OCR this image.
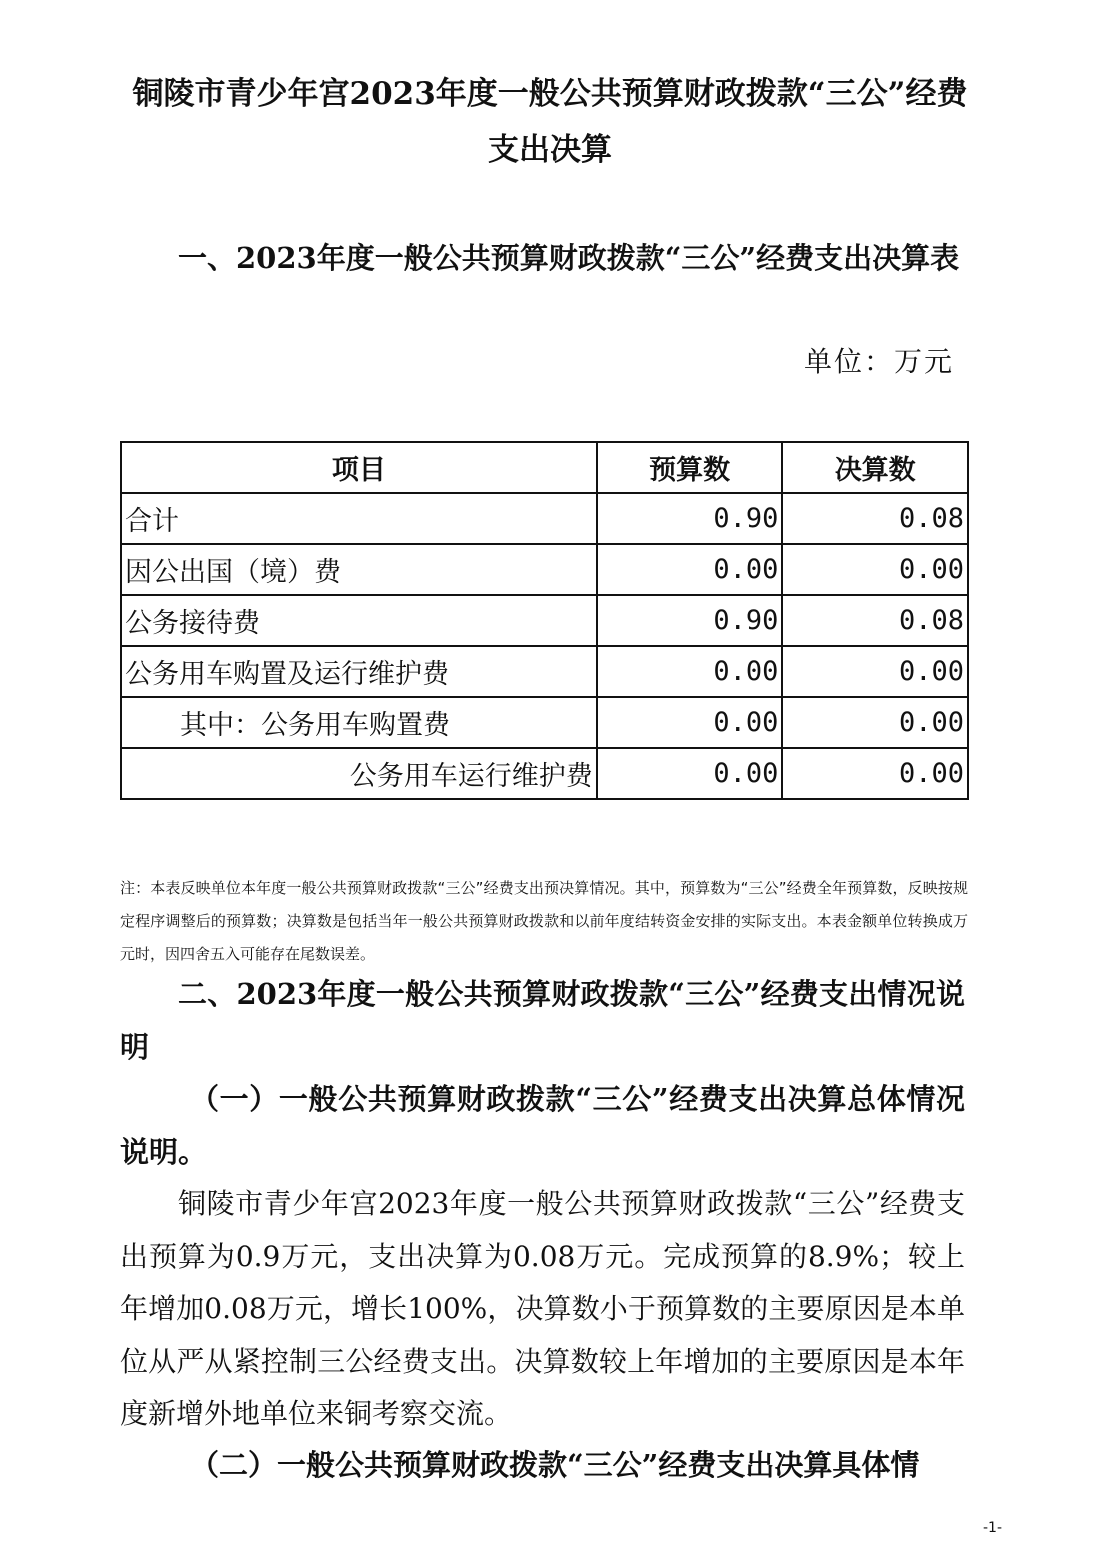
铜陵市青少年宫2023年度一般公共预算财政拨款“三公”经费支出决算
一、2023年度一般公共预算财政拨款“三公”经费支出决算表
单位：万元
项目	预算数	决算数
合计	0.90	0.08
因公出国（境）费	0.00	0.00
公务接待费	0.90	0.08
公务用车购置及运行维护费	0.00	0.00
其中：公务用车购置费	0.00	0.00
公务用车运行维护费	0.00	0.00
注：本表反映单位本年度一般公共预算财政拨款“三公”经费支出预决算情况。其中，预算数为“三公”经费全年预算数，反映按规定程序调整后的预算数；决算数是包括当年一般公共预算财政拨款和以前年度结转资金安排的实际支出。本表金额单位转换成万元时，因四舍五入可能存在尾数误差。
二、2023年度一般公共预算财政拨款“三公”经费支出情况说明
（一）一般公共预算财政拨款“三公”经费支出决算总体情况说明。
铜陵市青少年宫2023年度一般公共预算财政拨款“三公”经费支出预算为0.9万元，支出决算为0.08万元。完成预算的8.9%；较上年增加0.08万元，增长100%，决算数小于预算数的主要原因是本单位从严从紧控制三公经费支出。决算数较上年增加的主要原因是本年度新增外地单位来铜考察交流。
（二）一般公共预算财政拨款“三公”经费支出决算具体情
-1-
